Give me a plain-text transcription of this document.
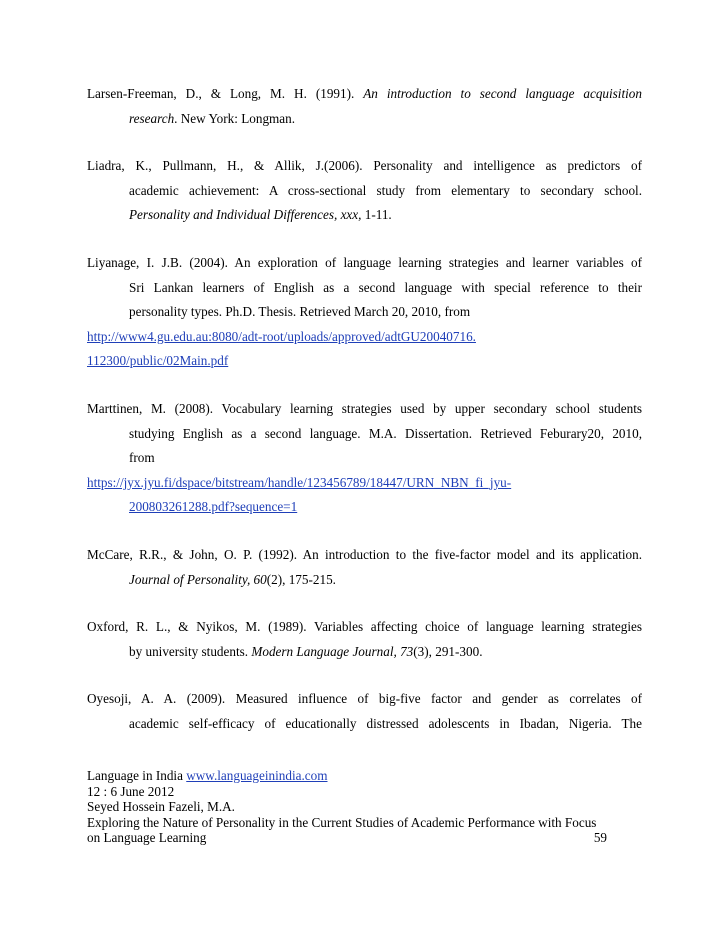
Larsen-Freeman, D., & Long, M. H. (1991). An introduction to second language acquisition
research. New York: Longman.
Liadra, K., Pullmann, H., & Allik, J.(2006). Personality and intelligence as predictors of
academic achievement: A cross-sectional study from elementary to secondary school.
Personality and Individual Differences, xxx, 1-11.
Liyanage, I. J.B. (2004). An exploration of language learning strategies and learner variables of
Sri Lankan learners of English as a second language with special reference to their
personality types. Ph.D. Thesis. Retrieved March 20, 2010, from
http://www4.gu.edu.au:8080/adt-root/uploads/approved/adtGU20040716.
112300/public/02Main.pdf
Marttinen, M. (2008). Vocabulary learning strategies used by upper secondary school students
studying English as a second language. M.A. Dissertation. Retrieved Feburary20, 2010,
from
https://jyx.jyu.fi/dspace/bitstream/handle/123456789/18447/URN_NBN_fi_jyu-
200803261288.pdf?sequence=1
McCare, R.R., & John, O. P. (1992). An introduction to the five-factor model and its application.
Journal of Personality, 60(2), 175-215.
Oxford, R. L., & Nyikos, M. (1989). Variables affecting choice of language learning strategies
by university students. Modern Language Journal, 73(3), 291-300.
Oyesoji, A. A. (2009). Measured influence of big-five factor and gender as correlates of
academic self-efficacy of educationally distressed adolescents in Ibadan, Nigeria. The
Language in India www.languageinindia.com
12 : 6 June 2012
Seyed Hossein Fazeli, M.A.
Exploring the Nature of Personality in the Current Studies of Academic Performance with Focus
on Language Learning	59
